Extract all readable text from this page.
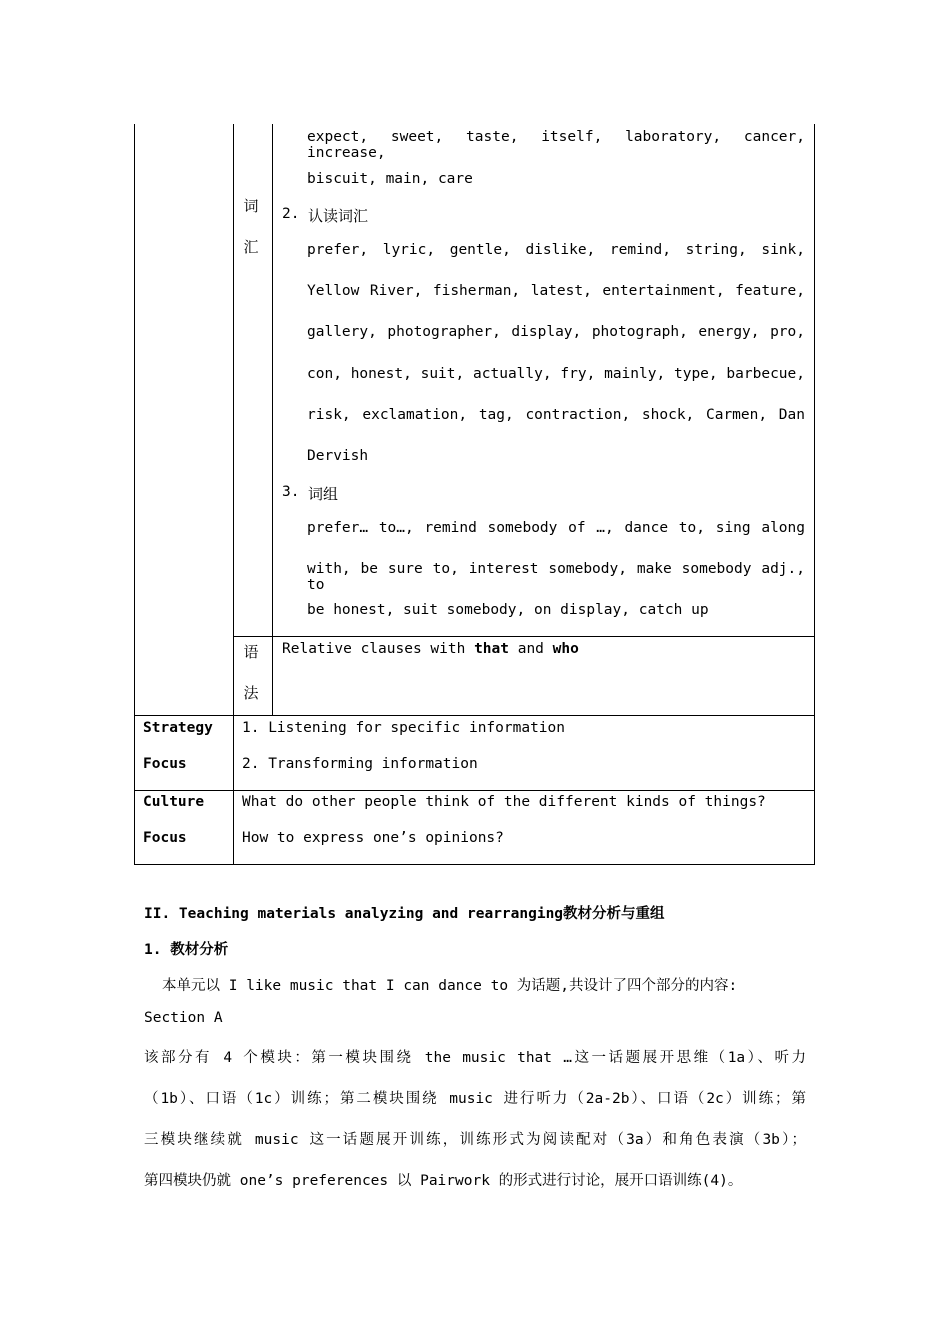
词
汇
expect, sweet, taste, itself, laboratory, cancer, increase,
biscuit, main, care
2. 认读词汇
prefer, lyric, gentle, dislike, remind, string, sink,
Yellow River, fisherman, latest, entertainment, feature,
gallery, photographer, display, photograph, energy, pro,
con, honest, suit, actually, fry, mainly, type, barbecue,
risk, exclamation, tag, contraction, shock, Carmen, Dan
Dervish
3. 词组
prefer… to…, remind somebody of …, dance to, sing along
with, be sure to, interest somebody, make somebody adj., to
be honest, suit somebody, on display, catch up
语
法
Relative clauses with that and who
Strategy
Focus
1. Listening for specific information
2. Transforming information
Culture
Focus
What do other people think of the different kinds of things?
How to express one’s opinions?
II. Teaching materials analyzing and rearranging教材分析与重组
1. 教材分析
本单元以 I like music that I can dance to 为话题,共设计了四个部分的内容:
Section A
该部分有 4 个模块：第一模块围绕 the music that …这一话题展开思维（1a）、听力
（1b）、口语（1c）训练；第二模块围绕 music 进行听力（2a-2b）、口语（2c）训练；第
三模块继续就 music 这一话题展开训练，训练形式为阅读配对（3a）和角色表演（3b）；
第四模块仍就 one’s preferences 以 Pairwork 的形式进行讨论，展开口语训练(4)。
